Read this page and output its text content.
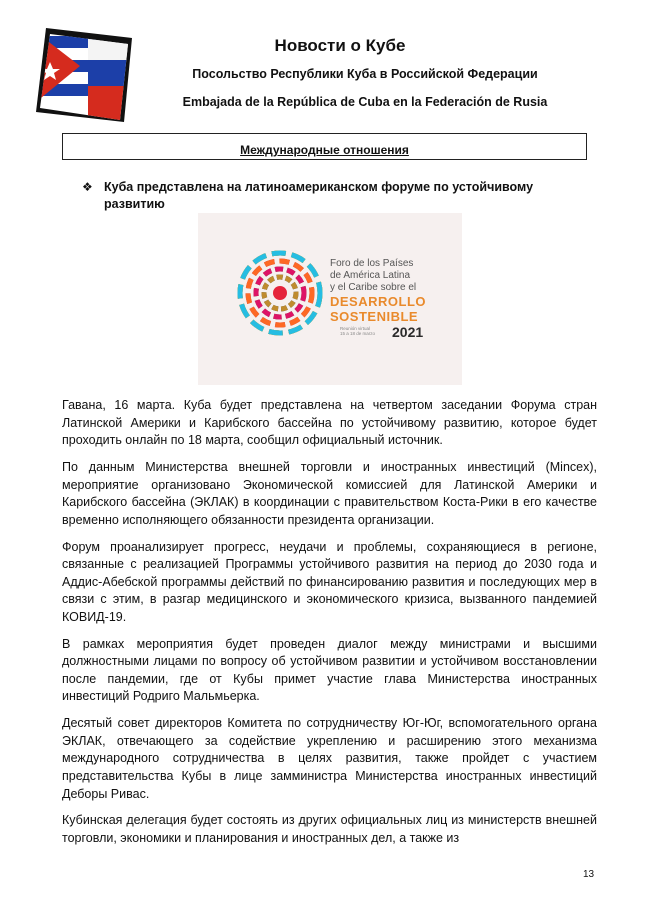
Новости о Кубе
Посольство Республики Куба в Российской Федерации
Embajada de la República de Cuba en la Federación de Rusia
Международные отношения
❖ Куба представлена на латиноамериканском форуме по устойчивому развитию
Foro de los Países
de América Latina
y el Caribe sobre el
DESARROLLO
SOSTENIBLE
Reunión virtual
15 a 18 de marzo 2021

Гавана, 16 марта. Куба будет представлена на четвертом заседании Форума стран Латинской Америки и Карибского бассейна по устойчивому развитию, которое будет проходить онлайн по 18 марта, сообщил официальный источник.

По данным Министерства внешней торговли и иностранных инвестиций (Mincex), мероприятие организовано Экономической комиссией для Латинской Америки и Карибского бассейна (ЭКЛАК) в координации с правительством Коста-Рики в его качестве временно исполняющего обязанности президента организации.

Форум проанализирует прогресс, неудачи и проблемы, сохраняющиеся в регионе, связанные с реализацией Программы устойчивого развития на период до 2030 года и Аддис-Абебской программы действий по финансированию развития и последующих мер в связи с этим, в разгар медицинского и экономического кризиса, вызванного пандемией КОВИД-19.

В рамках мероприятия будет проведен диалог между министрами и высшими должностными лицами по вопросу об устойчивом развитии и устойчивом восстановлении после пандемии, где от Кубы примет участие глава Министерства иностранных инвестиций Родриго Мальмьерка.

Десятый совет директоров Комитета по сотрудничеству Юг-Юг, вспомогательного органа ЭКЛАК, отвечающего за содействие укреплению и расширению этого механизма международного сотрудничества в целях развития, также пройдет с участием представительства Кубы в лице замминистра Министерства иностранных инвестиций Деборы Ривас.

Кубинская делегация будет состоять из других официальных лиц из министерств внешней торговли, экономики и планирования и иностранных дел, а также из

13
